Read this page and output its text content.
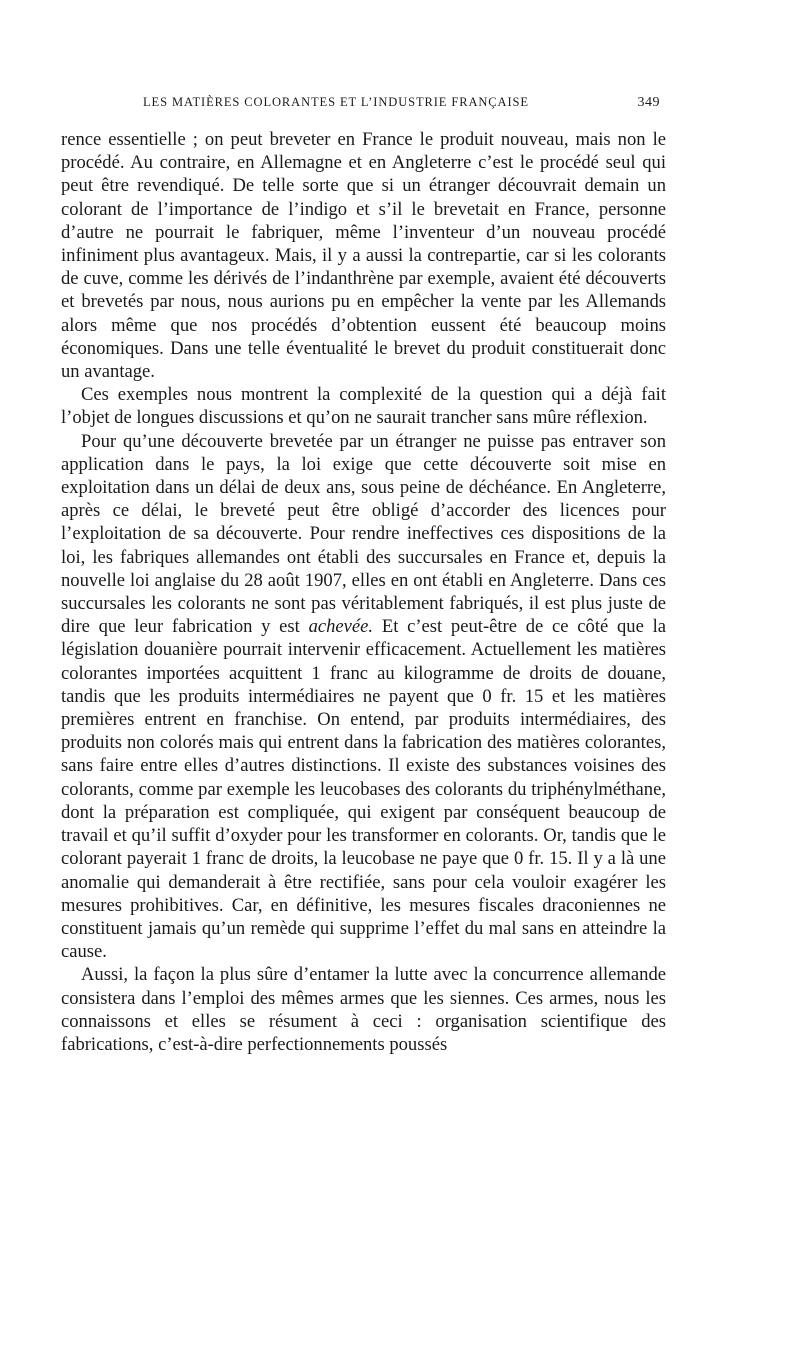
LES MATIÈRES COLORANTES ET L’INDUSTRIE FRANÇAISE	349

rence essentielle ; on peut breveter en France le produit nouveau, mais non le procédé. Au contraire, en Allemagne et en Angleterre c’est le procédé seul qui peut être revendiqué. De telle sorte que si un étranger découvrait demain un colorant de l’importance de l’indigo et s’il le brevetait en France, personne d’autre ne pourrait le fabriquer, même l’inventeur d’un nouveau procédé infiniment plus avantageux. Mais, il y a aussi la contrepartie, car si les colorants de cuve, comme les dérivés de l’indanthrène par exemple, avaient été découverts et brevetés par nous, nous aurions pu en empêcher la vente par les Allemands alors même que nos procédés d’obtention eussent été beaucoup moins économiques. Dans une telle éventualité le brevet du produit constituerait donc un avantage.

Ces exemples nous montrent la complexité de la question qui a déjà fait l’objet de longues discussions et qu’on ne saurait trancher sans mûre réflexion.

Pour qu’une découverte brevetée par un étranger ne puisse pas entraver son application dans le pays, la loi exige que cette découverte soit mise en exploitation dans un délai de deux ans, sous peine de déchéance. En Angleterre, après ce délai, le breveté peut être obligé d’accorder des licences pour l’exploitation de sa découverte. Pour rendre ineffectives ces dispositions de la loi, les fabriques allemandes ont établi des succursales en France et, depuis la nouvelle loi anglaise du 28 août 1907, elles en ont établi en Angleterre. Dans ces succursales les colorants ne sont pas véritablement fabriqués, il est plus juste de dire que leur fabrication y est achevée. Et c’est peut-être de ce côté que la législation douanière pourrait intervenir efficacement. Actuellement les matières colorantes importées acquittent 1 franc au kilogramme de droits de douane, tandis que les produits intermédiaires ne payent que 0 fr. 15 et les matières premières entrent en franchise. On entend, par produits intermédiaires, des produits non colorés mais qui entrent dans la fabrication des matières colorantes, sans faire entre elles d’autres distinctions. Il existe des substances voisines des colorants, comme par exemple les leucobases des colorants du triphénylméthane, dont la préparation est compliquée, qui exigent par conséquent beaucoup de travail et qu’il suffit d’oxyder pour les transformer en colorants. Or, tandis que le colorant payerait 1 franc de droits, la leucobase ne paye que 0 fr. 15. Il y a là une anomalie qui demanderait à être rectifiée, sans pour cela vouloir exagérer les mesures prohibitives. Car, en définitive, les mesures fiscales draconiennes ne constituent jamais qu’un remède qui supprime l’effet du mal sans en atteindre la cause.

Aussi, la façon la plus sûre d’entamer la lutte avec la concurrence allemande consistera dans l’emploi des mêmes armes que les siennes. Ces armes, nous les connaissons et elles se résument à ceci : organisation scientifique des fabrications, c’est-à-dire perfectionnements poussés
